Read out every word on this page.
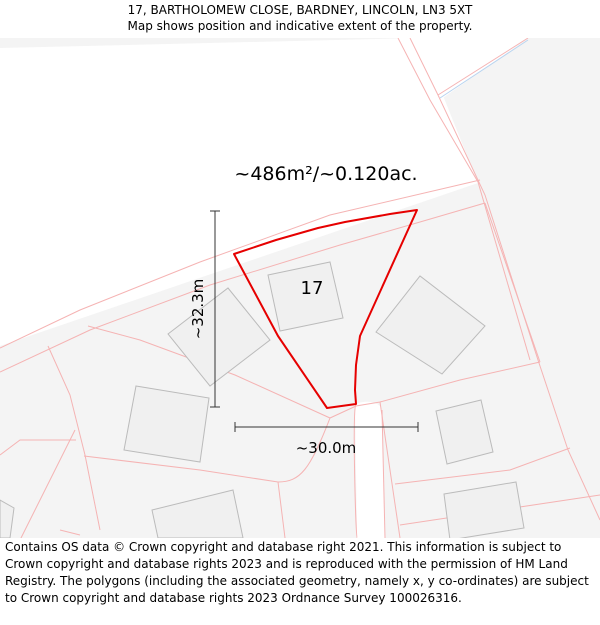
17, BARTHOLOMEW CLOSE, BARDNEY, LINCOLN, LN3 5XT
Map shows position and indicative extent of the property.
~486m²/~0.120ac.
17
~32.3m
~30.0m

Contains OS data © Crown copyright and database right 2021. This information is subject to Crown copyright and database rights 2023 and is reproduced with the permission of HM Land Registry. The polygons (including the associated geometry, namely x, y co-ordinates) are subject to Crown copyright and database rights 2023 Ordnance Survey 100026316.
